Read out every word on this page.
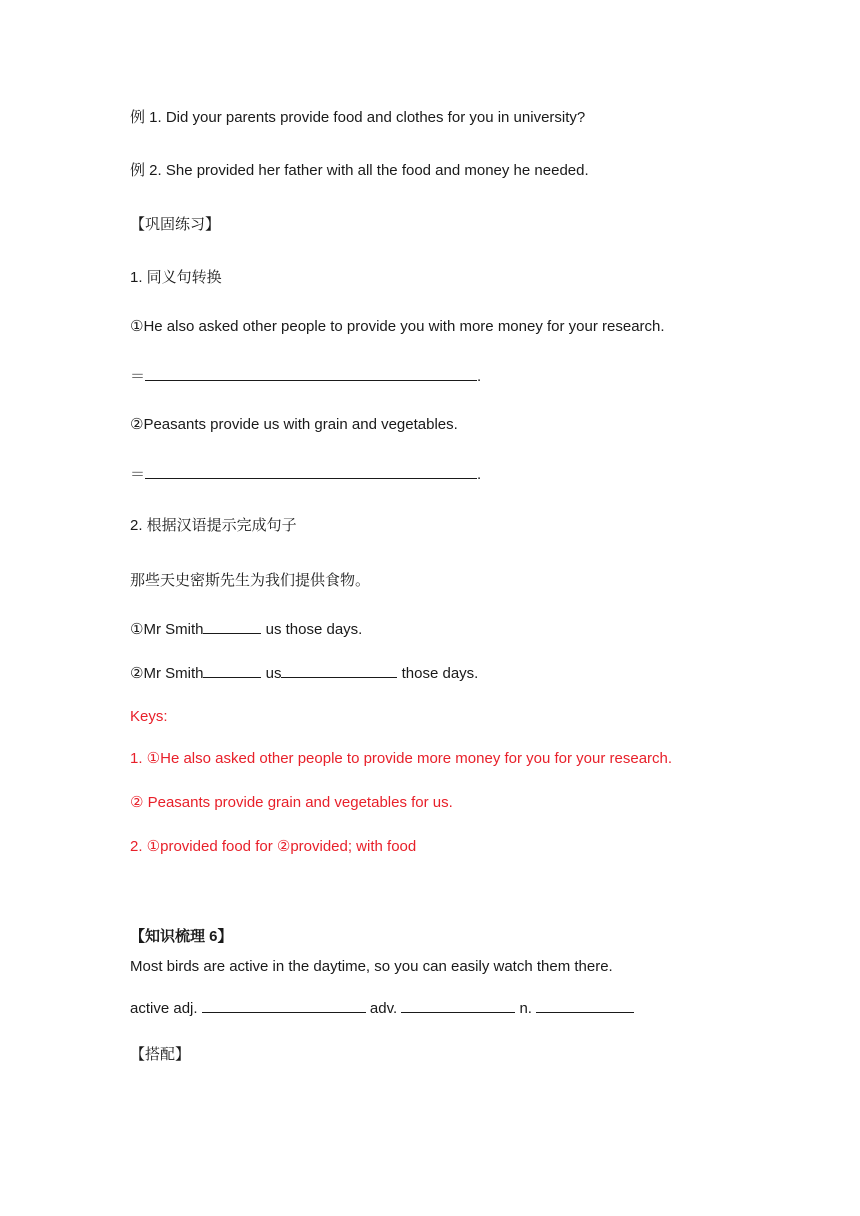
例 1. Did your parents provide food and clothes for you in university?
例 2. She provided her father with all the food and money he needed.
【巩固练习】
1. 同义句转换
①He also asked other people to provide you with more money for your research.
＝	.
②Peasants provide us with grain and vegetables.
＝	.
2. 根据汉语提示完成句子
那些天史密斯先生为我们提供食物。
①Mr Smith	us those days.
②Mr Smith	us	those days.
Keys:
1. ①He also asked other people to provide more money for you for your research.
② Peasants provide grain and vegetables for us.
2. ①provided food for ②provided; with food
【知识梳理 6】
Most birds are active in the daytime, so you can easily watch them there.
active adj.	adv.	n.
【搭配】
